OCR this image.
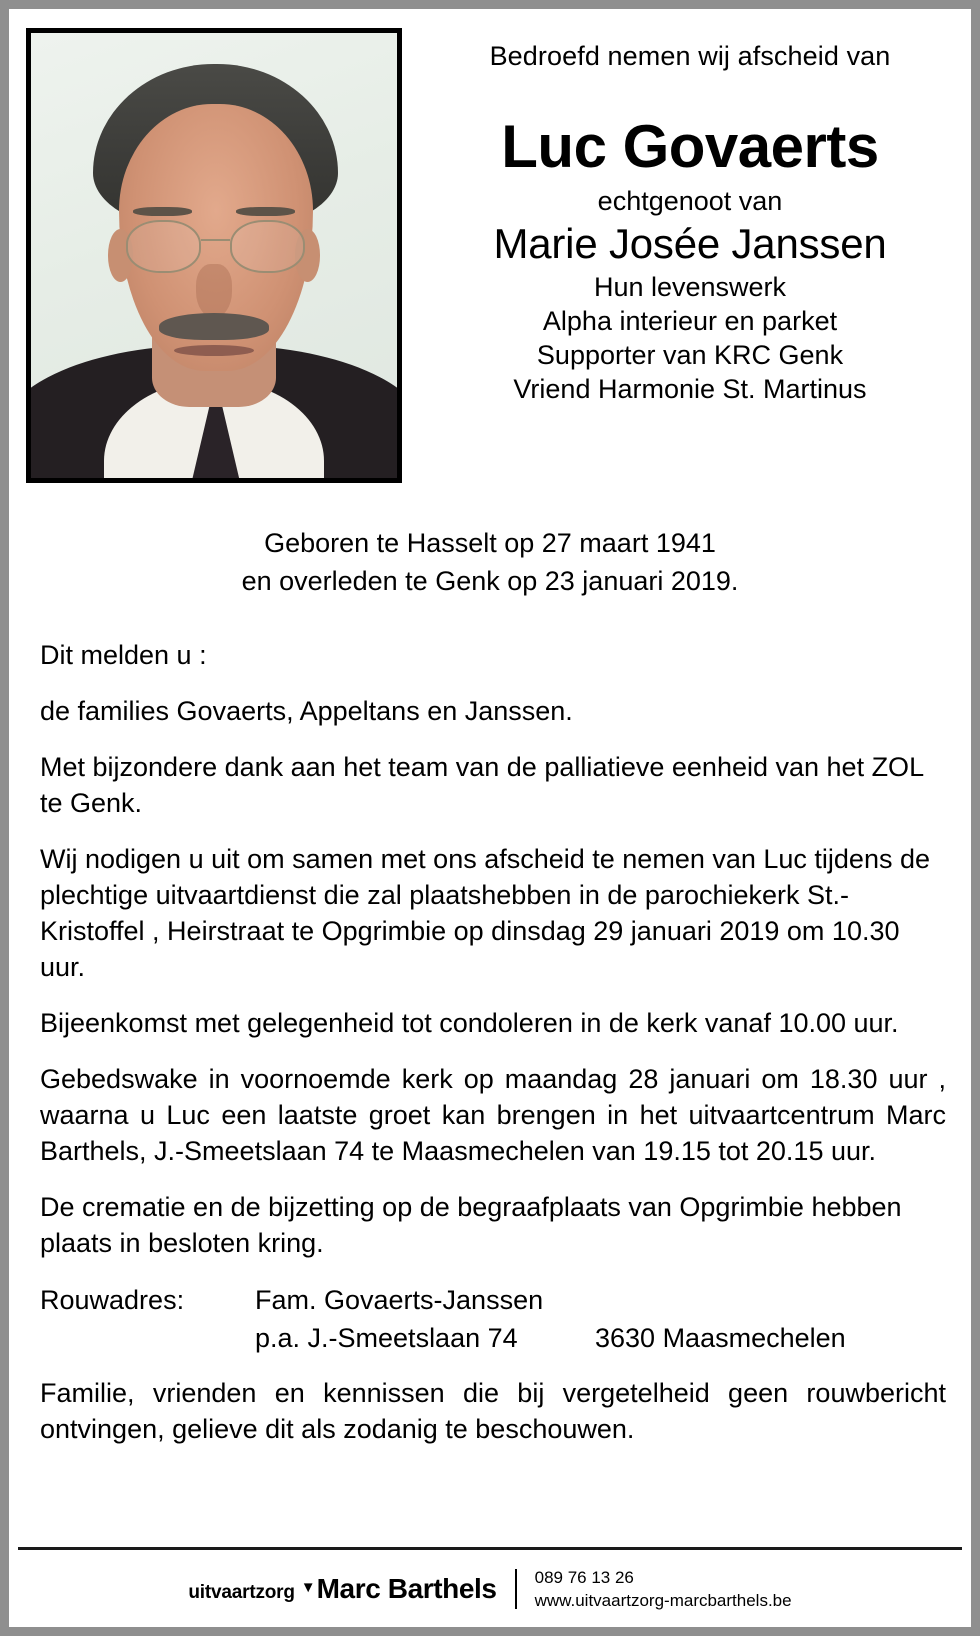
Bedroefd nemen wij afscheid van
Luc Govaerts
echtgenoot van
Marie Josée Janssen
Hun levenswerk
Alpha interieur en parket
Supporter van KRC Genk
Vriend Harmonie St. Martinus
Geboren te Hasselt op 27 maart 1941
en overleden te Genk op 23 januari 2019.
Dit melden u :
de families Govaerts, Appeltans en Janssen.
Met bijzondere dank aan het team van de palliatieve eenheid van het ZOL te Genk.
Wij nodigen u uit om samen met ons afscheid te nemen van Luc tijdens de plechtige uitvaartdienst die zal plaatshebben in de parochiekerk St.-Kristoffel , Heirstraat te Opgrimbie op dinsdag 29 januari 2019 om 10.30 uur.
Bijeenkomst met gelegenheid tot condoleren in de kerk vanaf 10.00 uur.
Gebedswake in voornoemde kerk op maandag 28 januari om 18.30 uur , waarna u Luc een laatste groet kan brengen in het uitvaartcentrum Marc Barthels, J.-Smeetslaan 74 te Maasmechelen van 19.15 tot 20.15 uur.
De crematie en de bijzetting op de begraafplaats van Opgrimbie hebben plaats in besloten kring.
Rouwadres:	Fam. Govaerts-Janssen
p.a. J.-Smeetslaan 74	3630 Maasmechelen
Familie, vrienden en kennissen die bij vergetelheid geen rouwbericht ontvingen, gelieve dit als zodanig te beschouwen.
uitvaartzorg ▼ Marc Barthels 089 76 13 26
www.uitvaartzorg-marcbarthels.be
